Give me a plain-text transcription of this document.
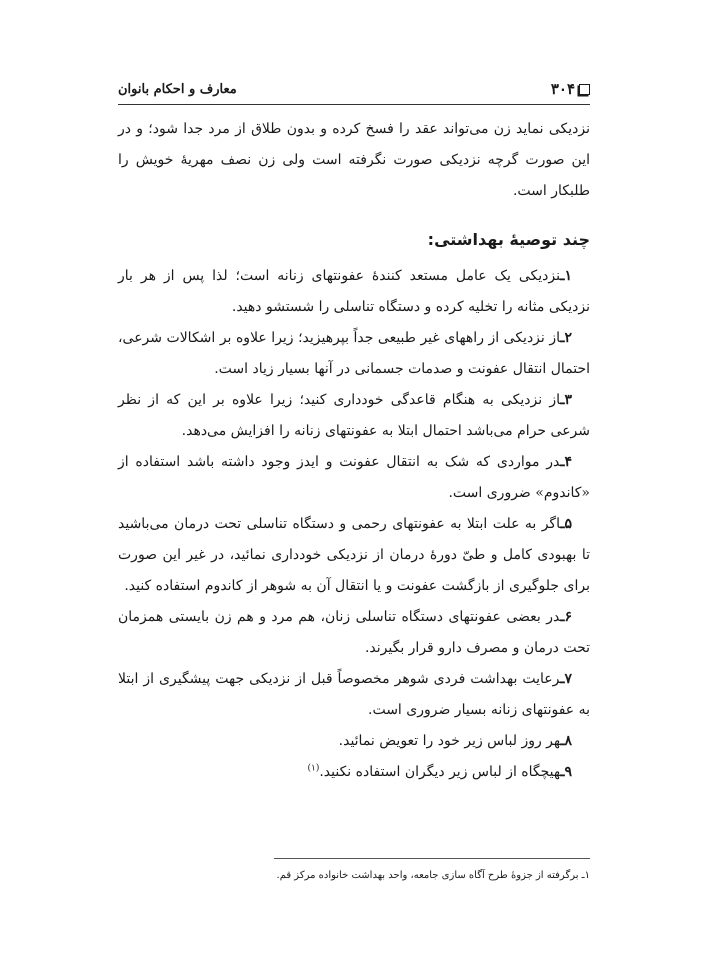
۳۰۴
معارف و احکام بانوان

نزدیکی نماید زن می‌تواند عقد را فسخ کرده و بدون طلاق از مرد جدا شود؛ و در این صورت گرچه نزدیکی صورت نگرفته است ولی زن نصف مهریهٔ خویش را طلبکار است.

چند توصیهٔ بهداشتی:

۱ـنزدیکی یک عامل مستعد کنندهٔ عفونتهای زنانه است؛ لذا پس از هر بار نزدیکی مثانه را تخلیه کرده و دستگاه تناسلی را شستشو دهید.

۲ـاز نزدیکی از راههای غیر طبیعی جداً بپرهیزید؛ زیرا علاوه بر اشکالات شرعی، احتمال انتقال عفونت و صدمات جسمانی در آنها بسیار زیاد است.

۳ـاز نزدیکی به هنگام قاعدگی خودداری کنید؛ زیرا علاوه بر این که از نظر شرعی حرام می‌باشد احتمال ابتلا به عفونتهای زنانه را افزایش می‌دهد.

۴ـدر مواردی که شک به انتقال عفونت و ایدز وجود داشته باشد استفاده از «کاندوم» ضروری است.

۵ـاگر به علت ابتلا به عفونتهای رحمی و دستگاه تناسلی تحت درمان می‌باشید تا بهبودی کامل و طیّ دورهٔ درمان از نزدیکی خودداری نمائید، در غیر این صورت برای جلوگیری از بازگشت عفونت و یا انتقال آن به شوهر از کاندوم استفاده کنید.

۶ـدر بعضی عفونتهای دستگاه تناسلی زنان، هم مرد و هم زن بایستی همزمان تحت درمان و مصرف دارو قرار بگیرند.

۷ـرعایت بهداشت فردی شوهر مخصوصاً قبل از نزدیکی جهت پیشگیری از ابتلا به عفونتهای زنانه بسیار ضروری است.

۸ـهر روز لباس زیر خود را تعویض نمائید.

۹ـهیچگاه از لباس زیر دیگران استفاده نکنید.$^{(۱)}$

۱ـ برگرفته از جزوهٔ طرح آگاه سازی جامعه، واحد بهداشت خانواده مرکز قم.
